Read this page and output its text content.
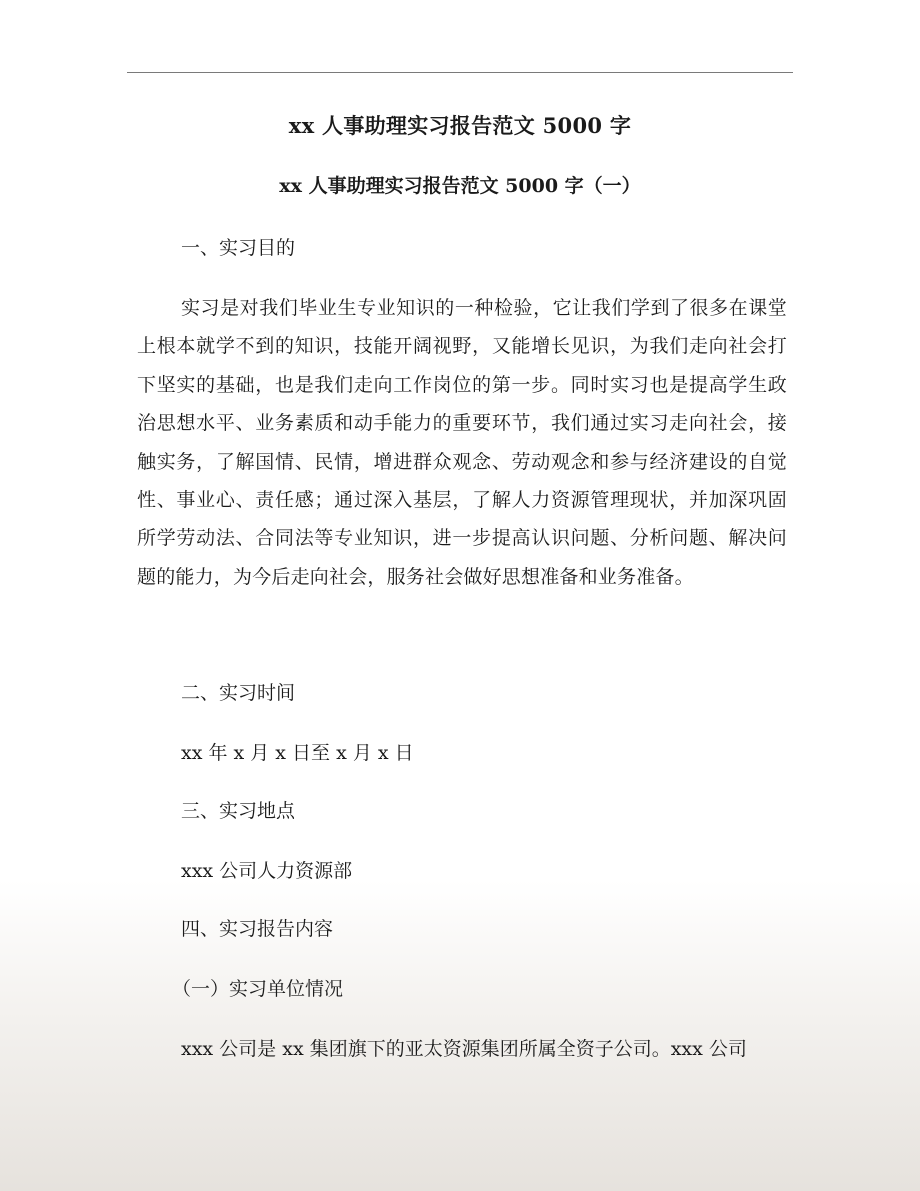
xx 人事助理实习报告范文 5000 字
xx 人事助理实习报告范文 5000 字（一）
一、实习目的
实习是对我们毕业生专业知识的一种检验，它让我们学到了很多在课堂上根本就学不到的知识，技能开阔视野，又能增长见识，为我们走向社会打下坚实的基础，也是我们走向工作岗位的第一步。同时实习也是提高学生政治思想水平、业务素质和动手能力的重要环节，我们通过实习走向社会，接触实务，了解国情、民情，增进群众观念、劳动观念和参与经济建设的自觉性、事业心、责任感；通过深入基层，了解人力资源管理现状，并加深巩固所学劳动法、合同法等专业知识，进一步提高认识问题、分析问题、解决问题的能力，为今后走向社会，服务社会做好思想准备和业务准备。
二、实习时间
xx 年 x 月 x 日至 x 月 x 日
三、实习地点
xxx 公司人力资源部
四、实习报告内容
（一）实习单位情况
xxx 公司是 xx 集团旗下的亚太资源集团所属全资子公司。xxx 公司
